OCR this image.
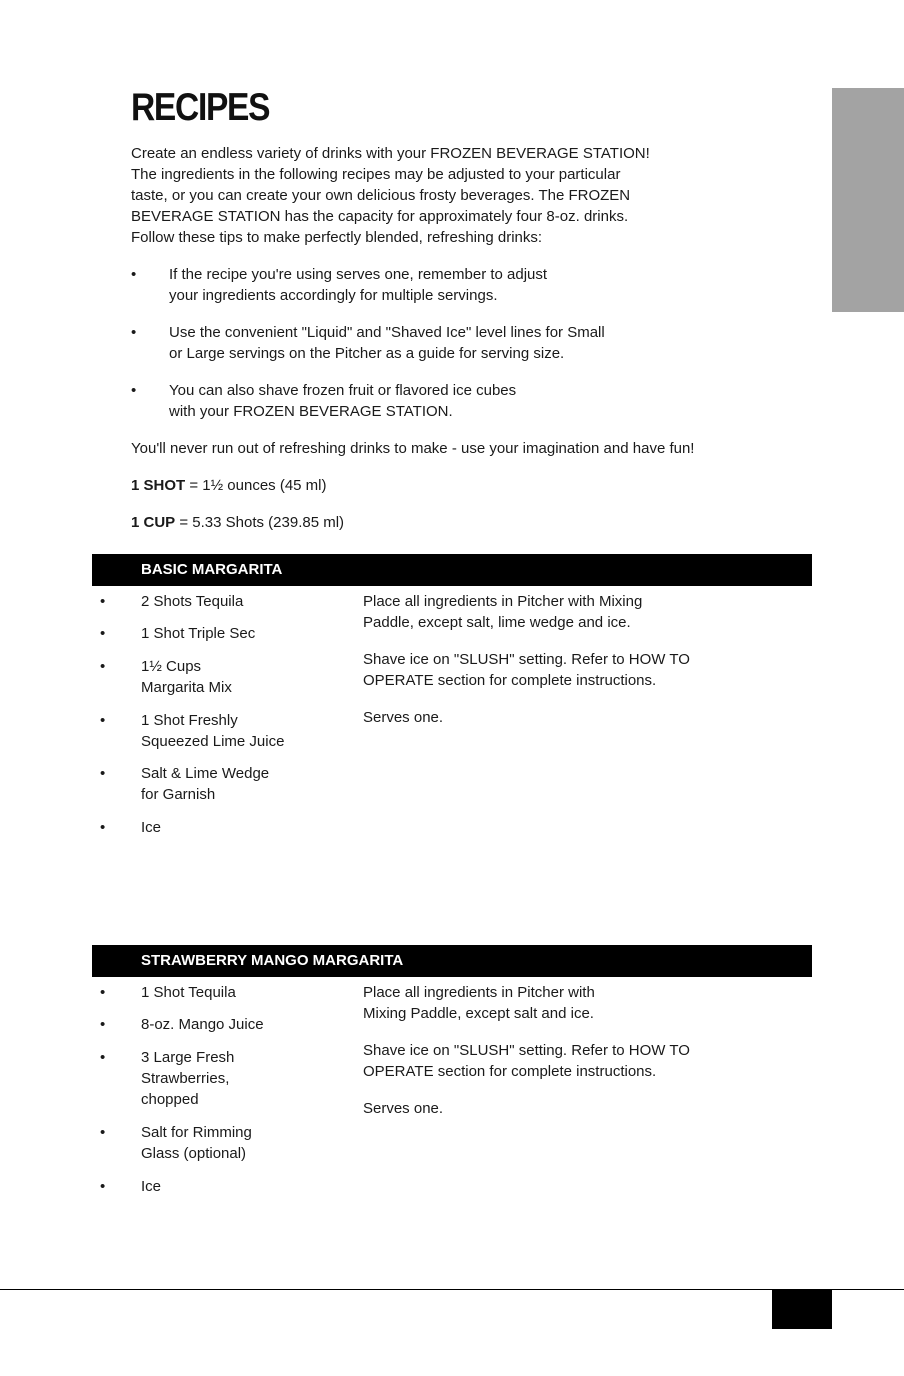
RECIPES
Create an endless variety of drinks with your FROZEN BEVERAGE STATION!
The ingredients in the following recipes may be adjusted to your particular
taste, or you can create your own delicious frosty beverages. The FROZEN
BEVERAGE STATION has the capacity for approximately four 8-oz. drinks.
Follow these tips to make perfectly blended, refreshing drinks:
• If the recipe you're using serves one, remember to adjust
your ingredients accordingly for multiple servings.
• Use the convenient "Liquid" and "Shaved Ice" level lines for Small
or Large servings on the Pitcher as a guide for serving size.
• You can also shave frozen fruit or flavored ice cubes
with your FROZEN BEVERAGE STATION.
You'll never run out of refreshing drinks to make - use your imagination and have fun!
1 SHOT = 1½ ounces (45 ml)
1 CUP = 5.33 Shots (239.85 ml)
BASIC MARGARITA
• 2 Shots Tequila
• 1 Shot Triple Sec
• 1½ Cups
Margarita Mix
• 1 Shot Freshly
Squeezed Lime Juice
• Salt & Lime Wedge
for Garnish
• Ice

Place all ingredients in Pitcher with Mixing
Paddle, except salt, lime wedge and ice.

Shave ice on "SLUSH" setting. Refer to HOW TO
OPERATE section for complete instructions.

Serves one.

STRAWBERRY MANGO MARGARITA
• 1 Shot Tequila
• 8-oz. Mango Juice
• 3 Large Fresh
Strawberries,
chopped
• Salt for Rimming
Glass (optional)
• Ice

Place all ingredients in Pitcher with
Mixing Paddle, except salt and ice.

Shave ice on "SLUSH" setting. Refer to HOW TO
OPERATE section for complete instructions.

Serves one.
